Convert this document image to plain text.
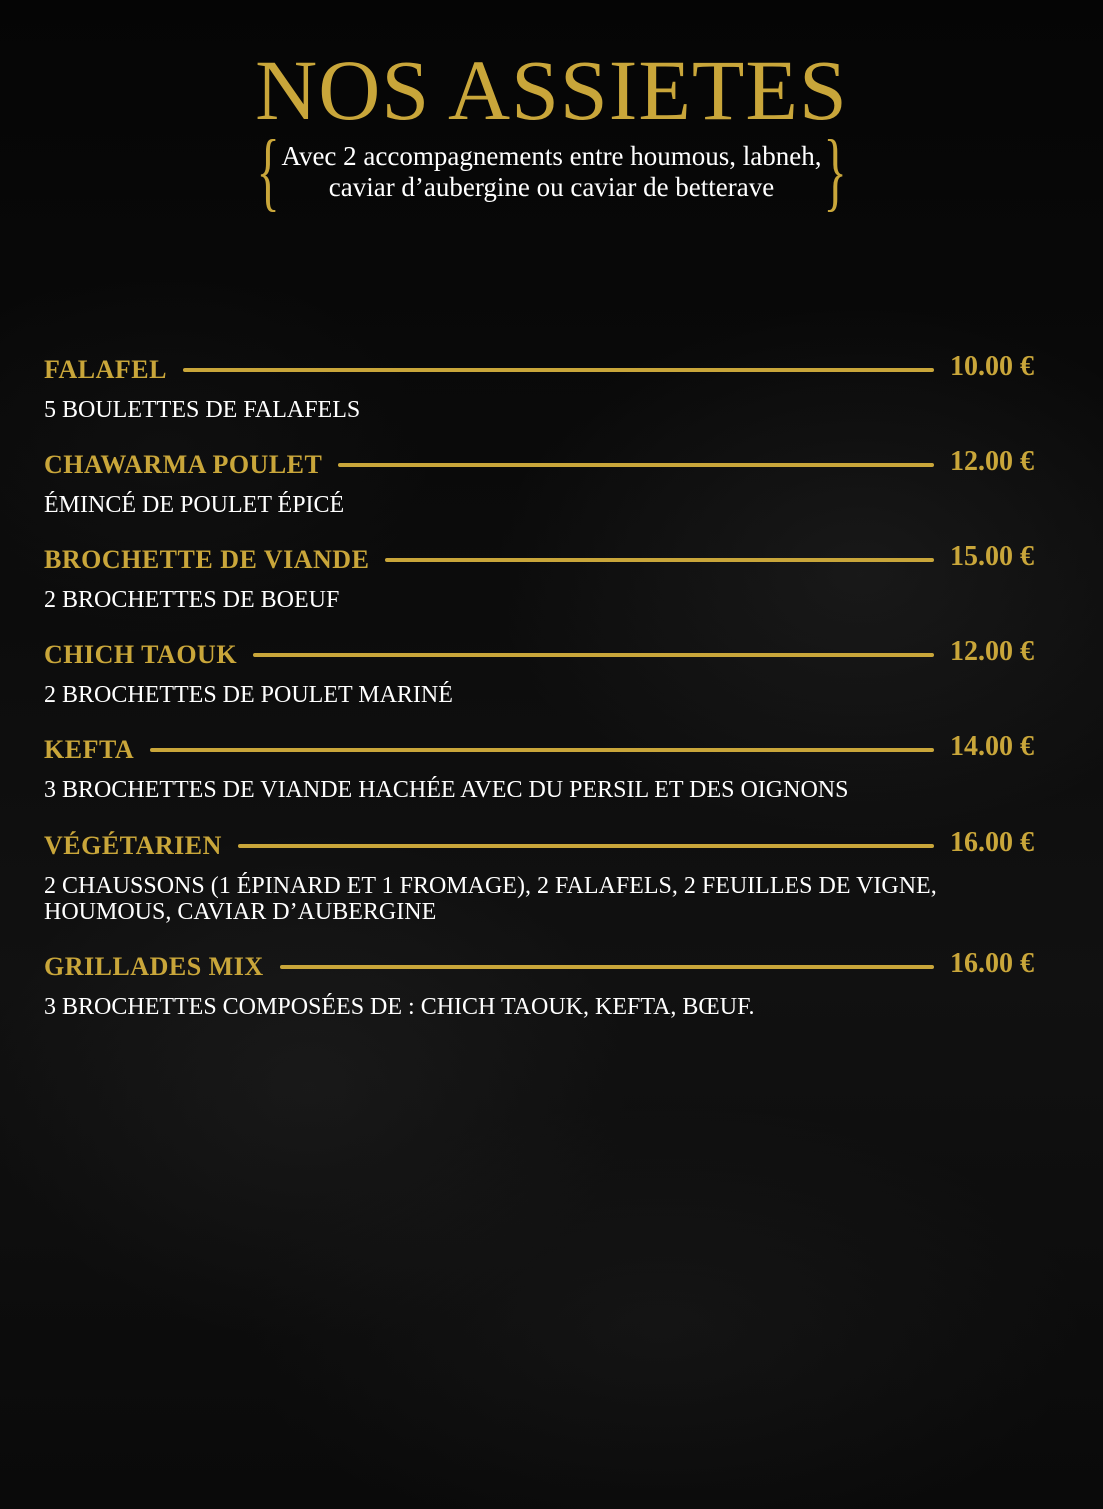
NOS ASSIETES
{ Avec 2 accompagnements entre houmous, labneh,
caviar d’aubergine ou caviar de betterave }
FALAFEL	10.00 €
5 BOULETTES DE FALAFELS
CHAWARMA POULET	12.00 €
ÉMINCÉ DE POULET ÉPICÉ
BROCHETTE DE VIANDE	15.00 €
2 BROCHETTES DE BOEUF
CHICH TAOUK	12.00 €
2 BROCHETTES DE POULET MARINÉ
KEFTA	14.00 €
3 BROCHETTES DE VIANDE HACHÉE AVEC DU PERSIL ET DES OIGNONS
VÉGÉTARIEN	16.00 €
2 CHAUSSONS (1 ÉPINARD ET 1 FROMAGE), 2 FALAFELS, 2 FEUILLES DE VIGNE, HOUMOUS, CAVIAR D’AUBERGINE
GRILLADES MIX	16.00 €
3 BROCHETTES COMPOSÉES DE : CHICH TAOUK, KEFTA, BŒUF.
